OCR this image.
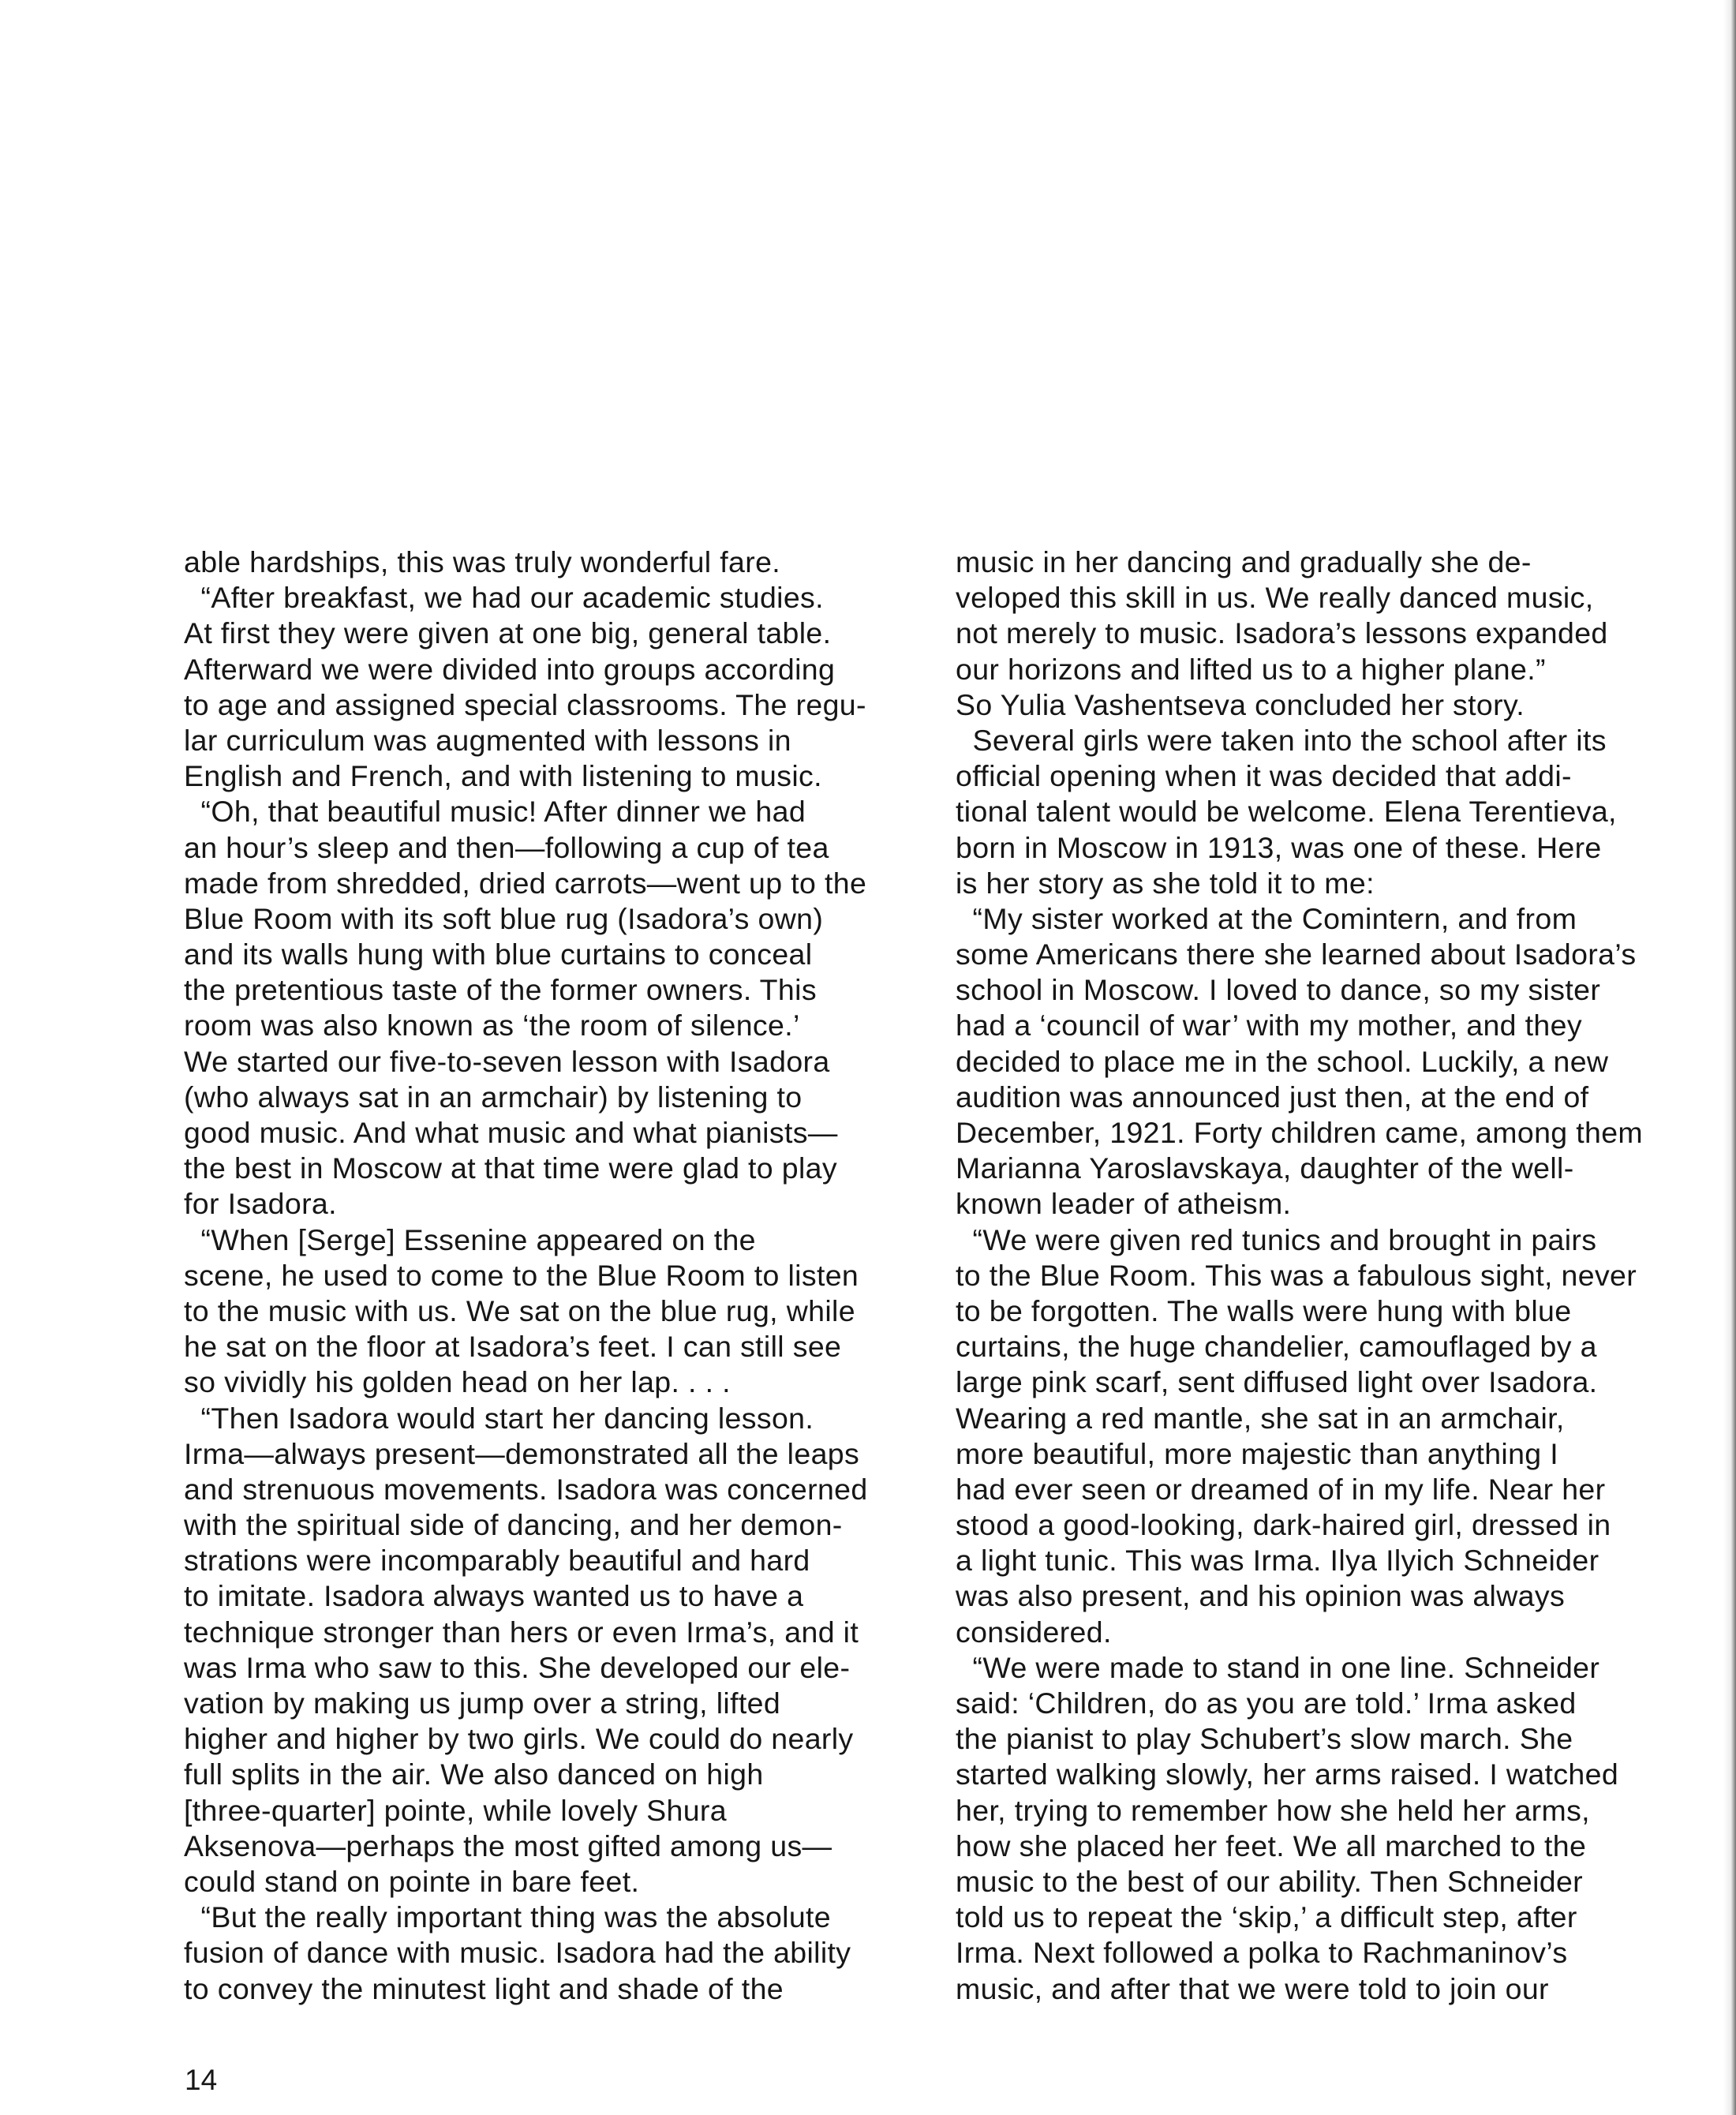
able hardships, this was truly wonderful fare.
“After breakfast, we had our academic studies.
At first they were given at one big, general table.
Afterward we were divided into groups according
to age and assigned special classrooms. The regu-
lar curriculum was augmented with lessons in
English and French, and with listening to music.
“Oh, that beautiful music! After dinner we had
an hour’s sleep and then—following a cup of tea
made from shredded, dried carrots—went up to the
Blue Room with its soft blue rug (Isadora’s own)
and its walls hung with blue curtains to conceal
the pretentious taste of the former owners. This
room was also known as ‘the room of silence.’
We started our five-to-seven lesson with Isadora
(who always sat in an armchair) by listening to
good music. And what music and what pianists—
the best in Moscow at that time were glad to play
for Isadora.
“When [Serge] Essenine appeared on the
scene, he used to come to the Blue Room to listen
to the music with us. We sat on the blue rug, while
he sat on the floor at Isadora’s feet. I can still see
so vividly his golden head on her lap. . . .
“Then Isadora would start her dancing lesson.
Irma—always present—demonstrated all the leaps
and strenuous movements. Isadora was concerned
with the spiritual side of dancing, and her demon-
strations were incomparably beautiful and hard
to imitate. Isadora always wanted us to have a
technique stronger than hers or even Irma’s, and it
was Irma who saw to this. She developed our ele-
vation by making us jump over a string, lifted
higher and higher by two girls. We could do nearly
full splits in the air. We also danced on high
[three-quarter] pointe, while lovely Shura
Aksenova—perhaps the most gifted among us—
could stand on pointe in bare feet.
“But the really important thing was the absolute
fusion of dance with music. Isadora had the ability
to convey the minutest light and shade of the
music in her dancing and gradually she de-
veloped this skill in us. We really danced music,
not merely to music. Isadora’s lessons expanded
our horizons and lifted us to a higher plane.”
So Yulia Vashentseva concluded her story.
Several girls were taken into the school after its
official opening when it was decided that addi-
tional talent would be welcome. Elena Terentieva,
born in Moscow in 1913, was one of these. Here
is her story as she told it to me:
“My sister worked at the Comintern, and from
some Americans there she learned about Isadora’s
school in Moscow. I loved to dance, so my sister
had a ‘council of war’ with my mother, and they
decided to place me in the school. Luckily, a new
audition was announced just then, at the end of
December, 1921. Forty children came, among them
Marianna Yaroslavskaya, daughter of the well-
known leader of atheism.
“We were given red tunics and brought in pairs
to the Blue Room. This was a fabulous sight, never
to be forgotten. The walls were hung with blue
curtains, the huge chandelier, camouflaged by a
large pink scarf, sent diffused light over Isadora.
Wearing a red mantle, she sat in an armchair,
more beautiful, more majestic than anything I
had ever seen or dreamed of in my life. Near her
stood a good-looking, dark-haired girl, dressed in
a light tunic. This was Irma. Ilya Ilyich Schneider
was also present, and his opinion was always
considered.
“We were made to stand in one line. Schneider
said: ‘Children, do as you are told.’ Irma asked
the pianist to play Schubert’s slow march. She
started walking slowly, her arms raised. I watched
her, trying to remember how she held her arms,
how she placed her feet. We all marched to the
music to the best of our ability. Then Schneider
told us to repeat the ‘skip,’ a difficult step, after
Irma. Next followed a polka to Rachmaninov’s
music, and after that we were told to join our
14
